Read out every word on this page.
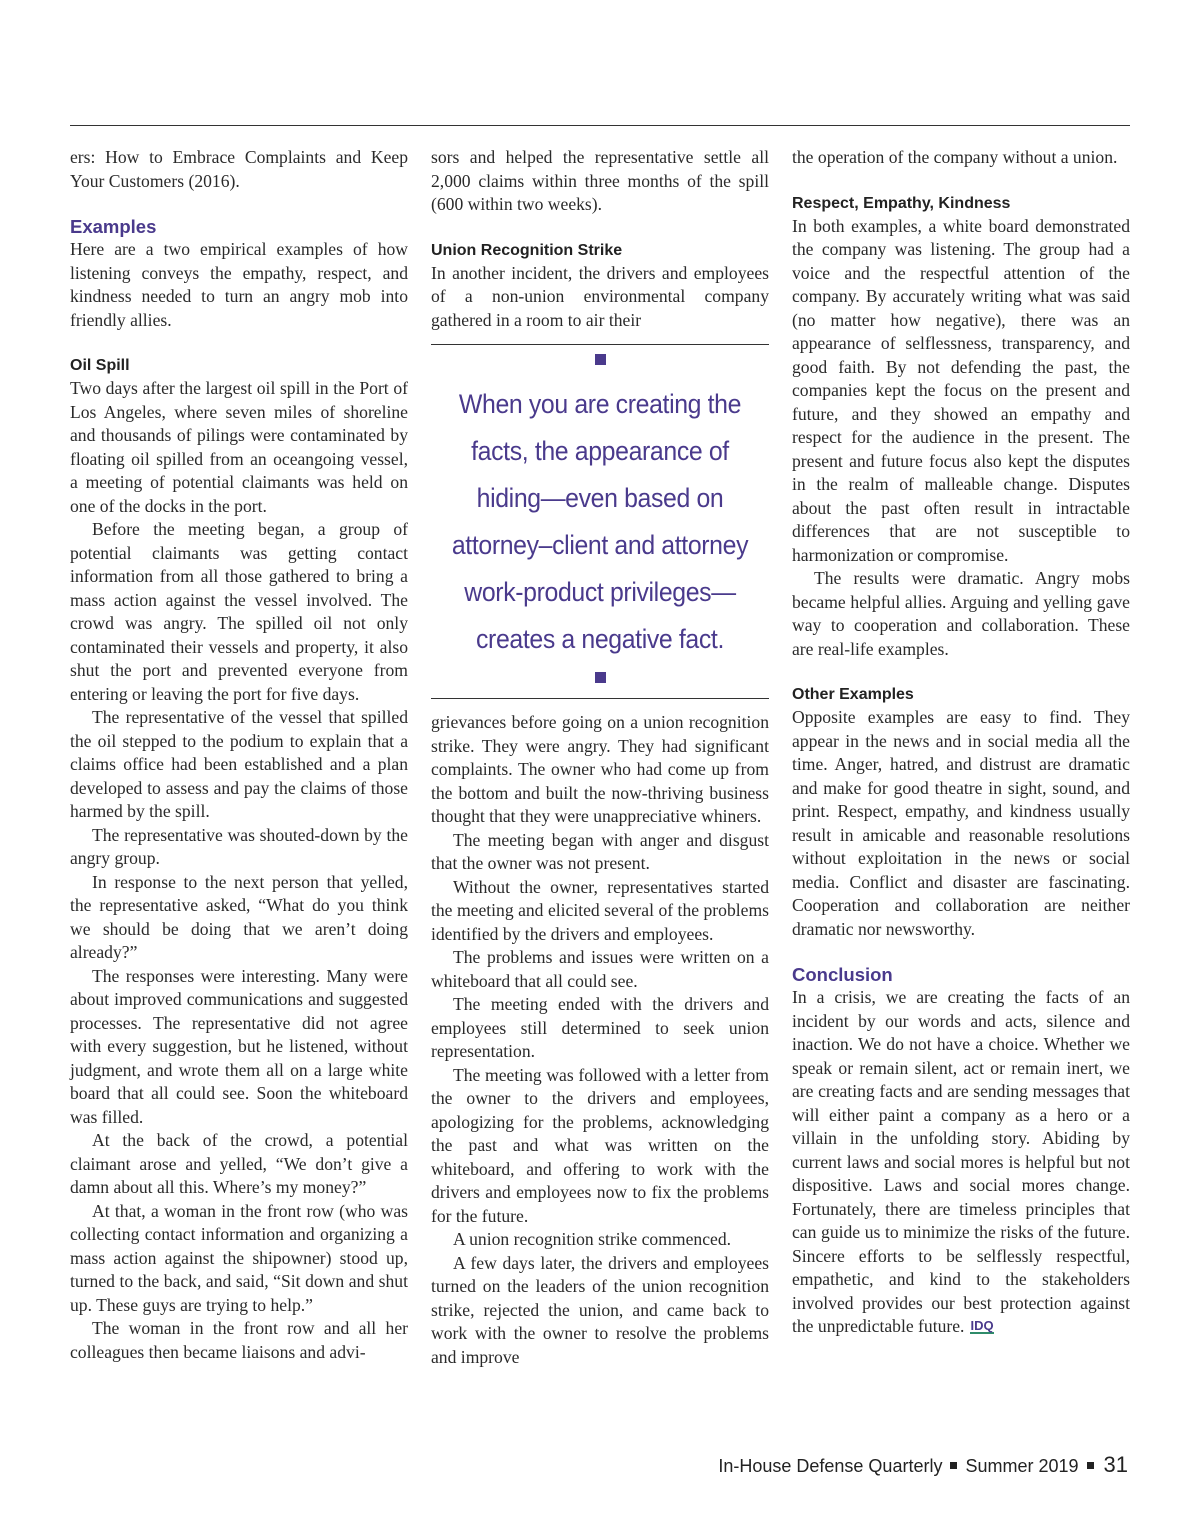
ers: How to Embrace Complaints and Keep Your Customers (2016).

Examples

Here are a two empirical examples of how listening conveys the empathy, respect, and kindness needed to turn an angry mob into friendly allies.

Oil Spill

Two days after the largest oil spill in the Port of Los Angeles, where seven miles of shoreline and thousands of pilings were contaminated by floating oil spilled from an oceangoing vessel, a meeting of potential claimants was held on one of the docks in the port.

Before the meeting began, a group of potential claimants was getting contact information from all those gathered to bring a mass action against the vessel involved. The crowd was angry. The spilled oil not only contaminated their vessels and property, it also shut the port and prevented everyone from entering or leaving the port for five days.

The representative of the vessel that spilled the oil stepped to the podium to explain that a claims office had been established and a plan developed to assess and pay the claims of those harmed by the spill.

The representative was shouted-down by the angry group.

In response to the next person that yelled, the representative asked, “What do you think we should be doing that we aren’t doing already?”

The responses were interesting. Many were about improved communications and suggested processes. The representative did not agree with every suggestion, but he listened, without judgment, and wrote them all on a large white board that all could see. Soon the whiteboard was filled.

At the back of the crowd, a potential claimant arose and yelled, “We don’t give a damn about all this. Where’s my money?”

At that, a woman in the front row (who was collecting contact information and organizing a mass action against the shipowner) stood up, turned to the back, and said, “Sit down and shut up. These guys are trying to help.”

The woman in the front row and all her colleagues then became liaisons and advi-

sors and helped the representative settle all 2,000 claims within three months of the spill (600 within two weeks).

Union Recognition Strike

In another incident, the drivers and employees of a non-union environmental company gathered in a room to air their

When you are creating the facts, the appearance of hiding—even based on attorney–client and attorney work-product privileges—creates a negative fact.

grievances before going on a union recognition strike. They were angry. They had significant complaints. The owner who had come up from the bottom and built the now-thriving business thought that they were unappreciative whiners.

The meeting began with anger and disgust that the owner was not present.

Without the owner, representatives started the meeting and elicited several of the problems identified by the drivers and employees.

The problems and issues were written on a whiteboard that all could see.

The meeting ended with the drivers and employees still determined to seek union representation.

The meeting was followed with a letter from the owner to the drivers and employees, apologizing for the problems, acknowledging the past and what was written on the whiteboard, and offering to work with the drivers and employees now to fix the problems for the future.

A union recognition strike commenced.

A few days later, the drivers and employees turned on the leaders of the union recognition strike, rejected the union, and came back to work with the owner to resolve the problems and improve

the operation of the company without a union.

Respect, Empathy, Kindness

In both examples, a white board demonstrated the company was listening. The group had a voice and the respectful attention of the company. By accurately writing what was said (no matter how negative), there was an appearance of selflessness, transparency, and good faith. By not defending the past, the companies kept the focus on the present and future, and they showed an empathy and respect for the audience in the present. The present and future focus also kept the disputes in the realm of malleable change. Disputes about the past often result in intractable differences that are not susceptible to harmonization or compromise.

The results were dramatic. Angry mobs became helpful allies. Arguing and yelling gave way to cooperation and collaboration. These are real-life examples.

Other Examples

Opposite examples are easy to find. They appear in the news and in social media all the time. Anger, hatred, and distrust are dramatic and make for good theatre in sight, sound, and print. Respect, empathy, and kindness usually result in amicable and reasonable resolutions without exploitation in the news or social media. Conflict and disaster are fascinating. Cooperation and collaboration are neither dramatic nor newsworthy.

Conclusion

In a crisis, we are creating the facts of an incident by our words and acts, silence and inaction. We do not have a choice. Whether we speak or remain silent, act or remain inert, we are creating facts and are sending messages that will either paint a company as a hero or a villain in the unfolding story. Abiding by current laws and social mores is helpful but not dispositive. Laws and social mores change. Fortunately, there are timeless principles that can guide us to minimize the risks of the future. Sincere efforts to be selflessly respectful, empathetic, and kind to the stakeholders involved provides our best protection against the unpredictable future. IDQ

In-House Defense Quarterly Summer 2019 31
